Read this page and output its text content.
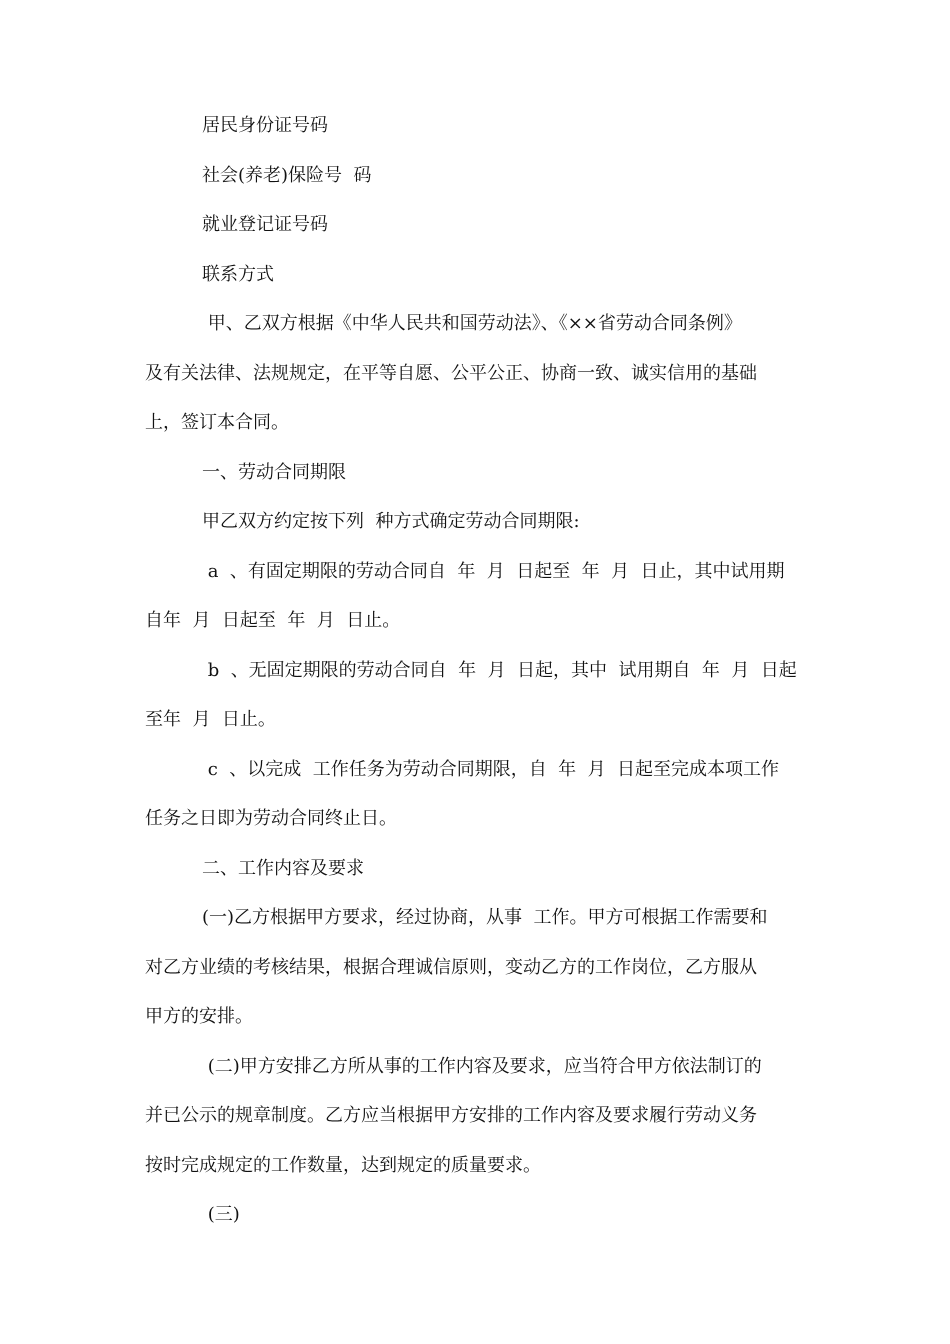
居民身份证号码
社会(养老)保险号  码
就业登记证号码
联系方式
甲、乙双方根据《中华人民共和国劳动法》、《××省劳动合同条例》
及有关法律、法规规定，在平等自愿、公平公正、协商一致、诚实信用的基础
上，签订本合同。
一、劳动合同期限
甲乙双方约定按下列  种方式确定劳动合同期限:
a  、有固定期限的劳动合同自  年  月  日起至  年  月  日止，其中试用期
自年  月  日起至  年  月  日止。
b  、无固定期限的劳动合同自  年  月  日起，其中  试用期自  年  月  日起
至年  月  日止。
c  、以完成  工作任务为劳动合同期限，自  年  月  日起至完成本项工作
任务之日即为劳动合同终止日。
二、工作内容及要求
(一)乙方根据甲方要求，经过协商，从事  工作。甲方可根据工作需要和
对乙方业绩的考核结果，根据合理诚信原则，变动乙方的工作岗位，乙方服从
甲方的安排。
(二)甲方安排乙方所从事的工作内容及要求，应当符合甲方依法制订的
并已公示的规章制度。乙方应当根据甲方安排的工作内容及要求履行劳动义务
按时完成规定的工作数量，达到规定的质量要求。
(三)
